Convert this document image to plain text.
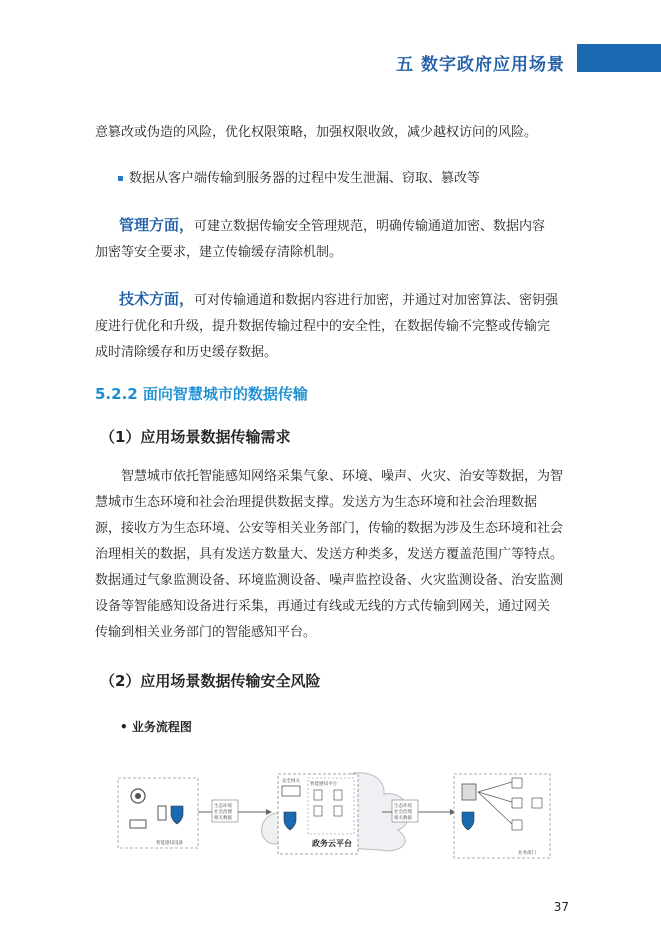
五 数字政府应用场景
意篡改或伪造的风险，优化权限策略，加强权限收敛，减少越权访问的风险。
数据从客户端传输到服务器的过程中发生泄漏、窃取、篡改等
管理方面，可建立数据传输安全管理规范，明确传输通道加密、数据内容
加密等安全要求，建立传输缓存清除机制。
技术方面，可对传输通道和数据内容进行加密，并通过对加密算法、密钥强
度进行优化和升级，提升数据传输过程中的安全性，在数据传输不完整或传输完
成时清除缓存和历史缓存数据。
5.2.2 面向智慧城市的数据传输
（1）应用场景数据传输需求
智慧城市依托智能感知网络采集气象、环境、噪声、火灾、治安等数据，为智
慧城市生态环境和社会治理提供数据支撑。发送方为生态环境和社会治理数据
源，接收方为生态环境、公安等相关业务部门，传输的数据为涉及生态环境和社会
治理相关的数据，具有发送方数量大、发送方种类多，发送方覆盖范围广等特点。
数据通过气象监测设备、环境监测设备、噪声监控设备、火灾监测设备、治安监测
设备等智能感知设备进行采集，再通过有线或无线的方式传输到网关，通过网关
传输到相关业务部门的智能感知平台。
（2）应用场景数据传输安全风险
• 业务流程图
智能感知设备
生态环境
社会治理
相关数据
安全网关
智能感知平台
政务云平台
生态环境
社会治理
相关数据
业务部门
37
